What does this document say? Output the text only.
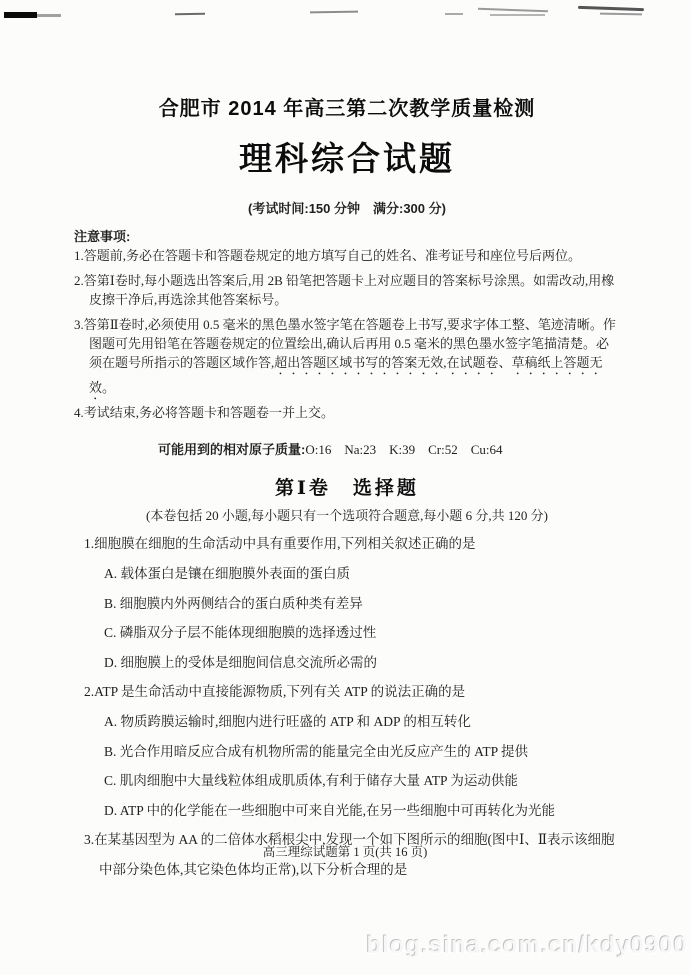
合肥市 2014 年高三第二次教学质量检测
理科综合试题

(考试时间:150 分钟　满分:300 分)

注意事项:

1.答题前,务必在答题卡和答题卷规定的地方填写自己的姓名、准考证号和座位号后两位。

2.答第Ⅰ卷时,每小题选出答案后,用 2B 铅笔把答题卡上对应题目的答案标号涂黑。如需改动,用橡皮擦干净后,再选涂其他答案标号。

3.答第Ⅱ卷时,必须使用 0.5 毫米的黑色墨水签字笔在答题卷上书写,要求字体工整、笔迹清晰。作图题可先用铅笔在答题卷规定的位置绘出,确认后再用 0.5 毫米的黑色墨水签字笔描清楚。必须在题号所指示的答题区域作答,超出答题区域书写的答案无效,在试题卷、草稿纸上答题无效。

4.考试结束,务必将答题卡和答题卷一并上交。

可能用到的相对原子质量:O:16　Na:23　K:39　Cr:52　Cu:64

第Ⅰ卷　选择题

(本卷包括 20 小题,每小题只有一个选项符合题意,每小题 6 分,共 120 分)

1.细胞膜在细胞的生命活动中具有重要作用,下列相关叙述正确的是

A. 载体蛋白是镶在细胞膜外表面的蛋白质

B. 细胞膜内外两侧结合的蛋白质种类有差异

C. 磷脂双分子层不能体现细胞膜的选择透过性

D. 细胞膜上的受体是细胞间信息交流所必需的

2.ATP 是生命活动中直接能源物质,下列有关 ATP 的说法正确的是

A. 物质跨膜运输时,细胞内进行旺盛的 ATP 和 ADP 的相互转化

B. 光合作用暗反应合成有机物所需的能量完全由光反应产生的 ATP 提供

C. 肌肉细胞中大量线粒体组成肌质体,有利于储存大量 ATP 为运动供能

D. ATP 中的化学能在一些细胞中可来自光能,在另一些细胞中可再转化为光能

3.在某基因型为 AA 的二倍体水稻根尖中,发现一个如下图所示的细胞(图中Ⅰ、Ⅱ表示该细胞中部分染色体,其它染色体均正常),以下分析合理的是

高三理综试题第 1 页(共 16 页)

blog.sina.com.cn/kdy0900
